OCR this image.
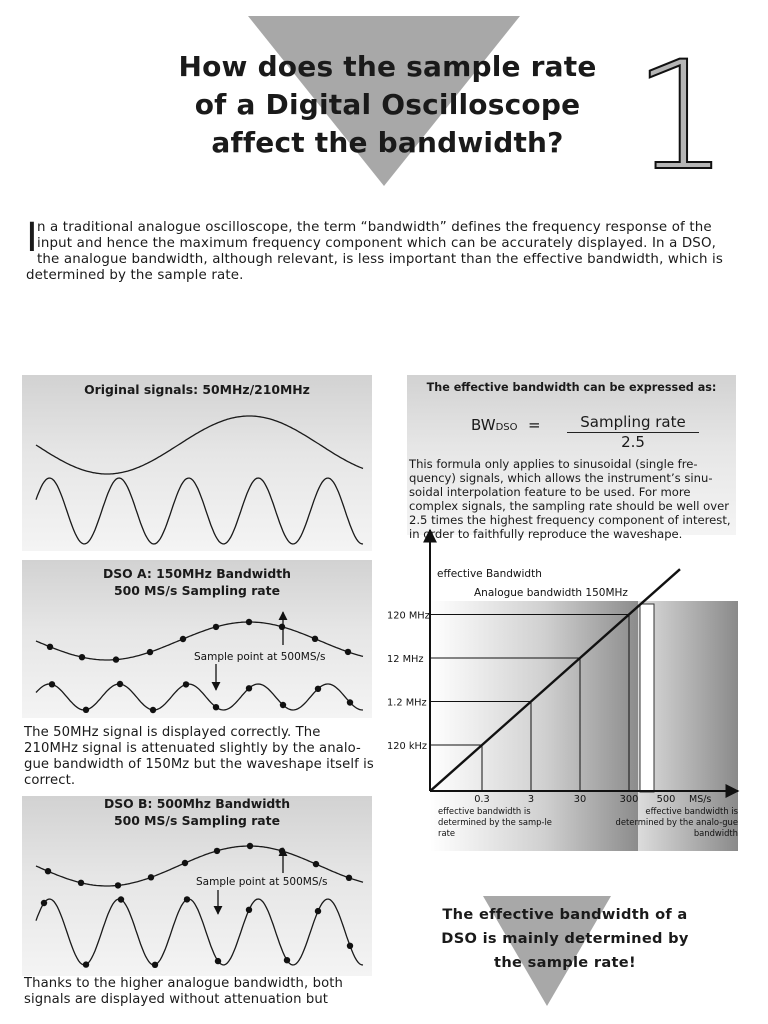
How does the sample rate
of a Digital Oscilloscope
affect the bandwidth? 1
I n a traditional analogue oscilloscope, the term “bandwidth” defines the frequency response of the input and hence the maximum frequency component which can be accurately displayed. In a DSO, the analogue bandwidth, although relevant, is less important than the effective bandwidth, which is determined by the sample rate.
Original signals: 50MHz/210MHz
DSO A: 150MHz Bandwidth
500 MS/s Sampling rate
DSO B: 500Mhz Bandwidth
500 MS/s Sampling rate
The 50MHz signal is displayed correctly. The 210MHz signal is attenuated slightly by the analo-gue bandwidth of 150Mz but the waveshape itself is correct.
Thanks to the higher analogue bandwidth, both signals are displayed without attenuation but
The effective bandwidth can be expressed as:
BWDSO =	Sampling rate
2.5
This formula only applies to sinusoidal (single fre-quency) signals, which allows the instrument’s sinu-soidal interpolation feature to be used. For more complex signals, the sampling rate should be well over 2.5 times the highest frequency component of interest, in order to faithfully reproduce the waveshape.
120 kHz
1.2 MHz
12 MHz
120 MHz
0.3	3	30	300 500
effective Bandwidth
Analogue bandwidth 150MHz
MS/s
effective bandwidth is determined by the samp-le rate
effective bandwidth is determined by the analo-gue bandwidth
Sample point at 500MS/s
Sample point at 500MS/s
The effective bandwidth of a
DSO is mainly determined by
the sample rate!
